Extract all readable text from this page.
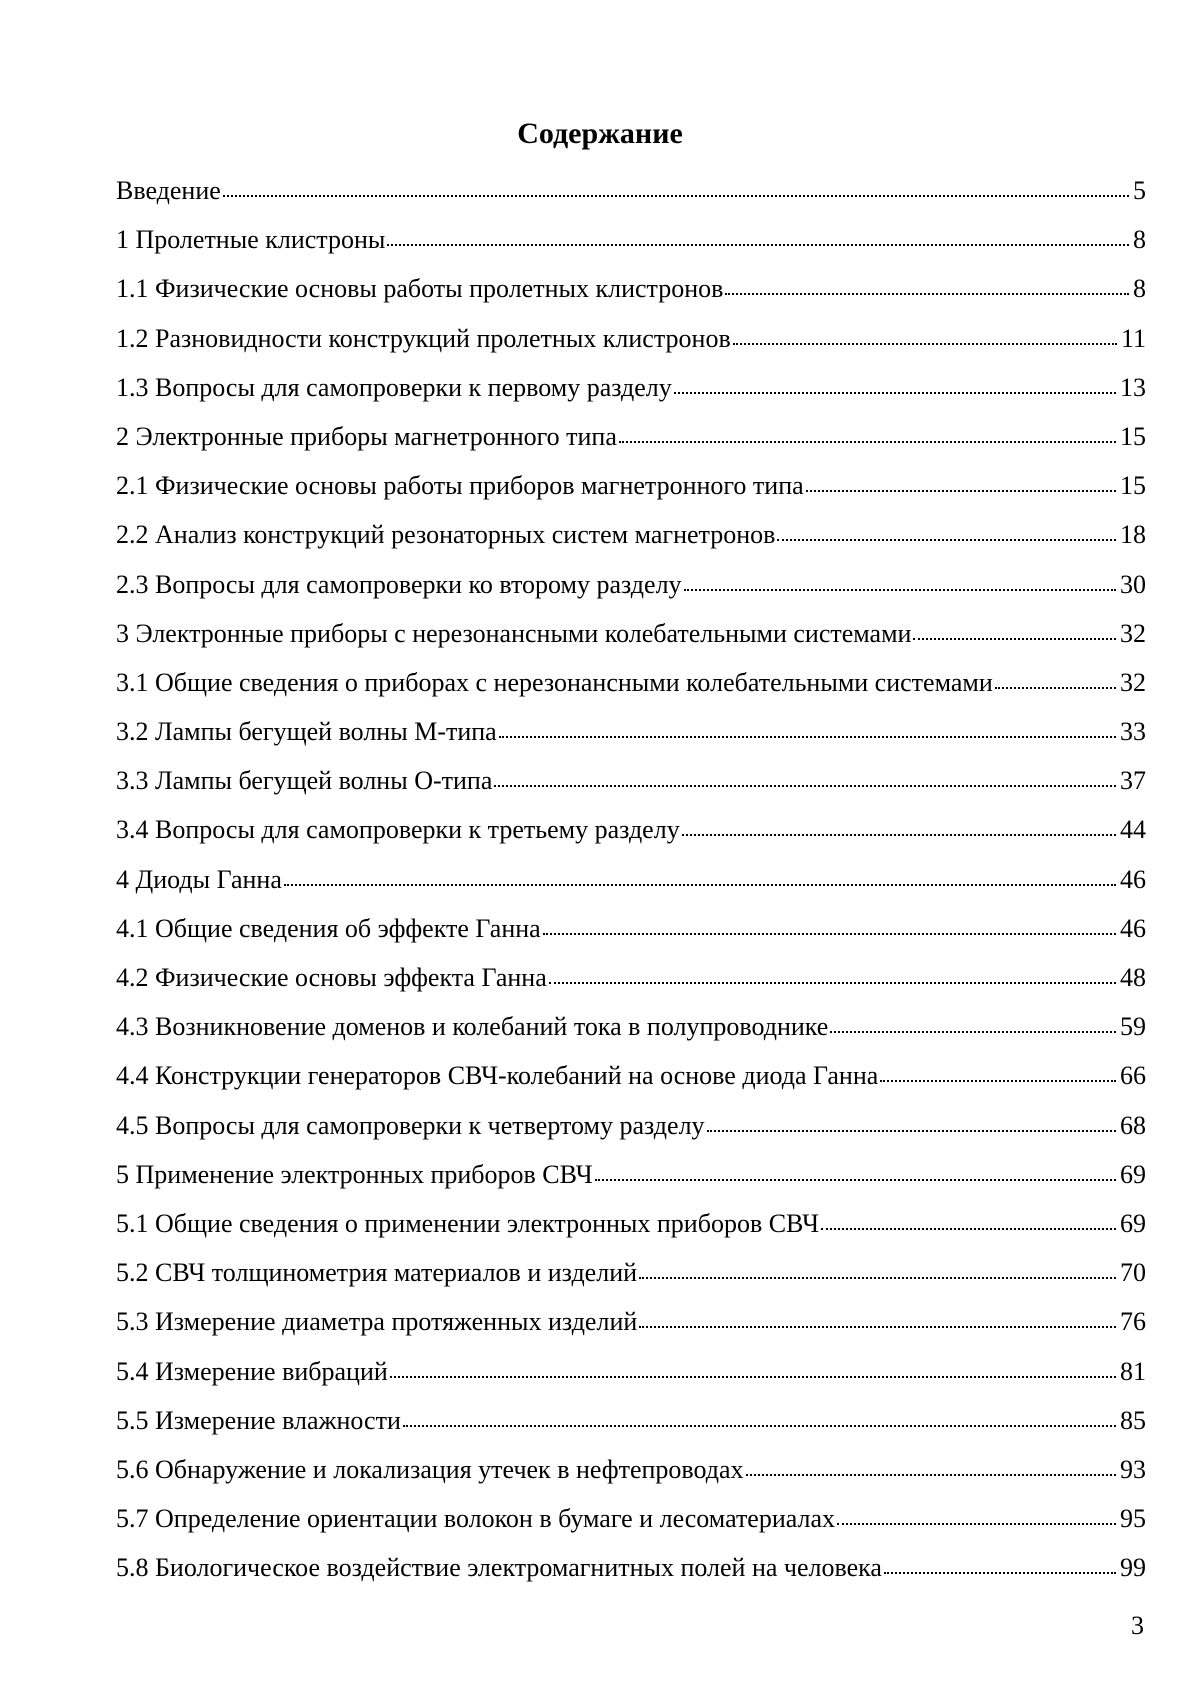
Содержание
Введение	5
1 Пролетные клистроны	8
1.1 Физические основы работы пролетных клистронов	8
1.2 Разновидности конструкций пролетных клистронов	11
1.3 Вопросы для самопроверки к первому разделу	13
2 Электронные приборы магнетронного типа	15
2.1 Физические основы работы приборов магнетронного типа	15
2.2 Анализ конструкций резонаторных систем магнетронов	18
2.3 Вопросы для самопроверки ко второму разделу	30
3 Электронные приборы с нерезонансными колебательными системами	32
3.1 Общие сведения о приборах с нерезонансными колебательными системами	32
3.2 Лампы бегущей волны М-типа	33
3.3 Лампы бегущей волны О-типа	37
3.4 Вопросы для самопроверки к третьему разделу	44
4 Диоды Ганна	46
4.1 Общие сведения об эффекте Ганна	46
4.2 Физические основы эффекта Ганна	48
4.3 Возникновение доменов и колебаний тока в полупроводнике	59
4.4 Конструкции генераторов СВЧ-колебаний на основе диода Ганна	66
4.5 Вопросы для самопроверки к четвертому разделу	68
5 Применение электронных приборов СВЧ	69
5.1 Общие сведения о применении электронных приборов СВЧ	69
5.2 СВЧ толщинометрия материалов и изделий	70
5.3 Измерение диаметра протяженных изделий	76
5.4 Измерение вибраций	81
5.5 Измерение влажности	85
5.6 Обнаружение и локализация утечек в нефтепроводах	93
5.7 Определение ориентации волокон в бумаге и лесоматериалах	95
5.8 Биологическое воздействие электромагнитных полей на человека	99
3
